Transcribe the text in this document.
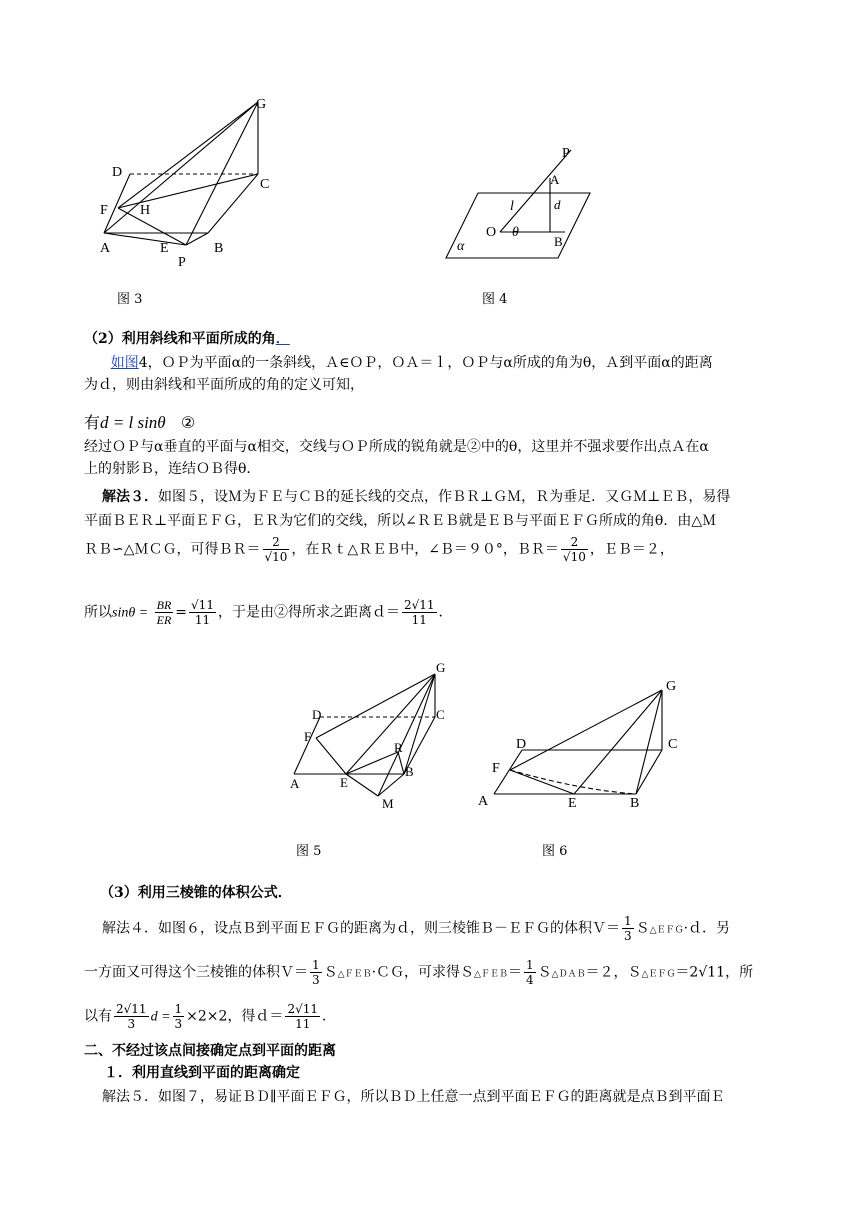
G
D
C
F H
A	E	B
P
图 3
P
A
l	d
O θ
B
α
图 4
（2）利用斜线和平面所成的角．
如图4，ＯＰ为平面α的一条斜线，Ａ∈ＯＰ，ＯＡ＝ｌ，ＯＰ与α所成的角为θ，Ａ到平面α的距离
为ｄ，则由斜线和平面所成的角的定义可知，
有d = l sinθ ②
经过ＯＰ与α垂直的平面与α相交，交线与ＯＰ所成的锐角就是②中的θ，这里并不强求要作出点Ａ在α
上的射影Ｂ，连结ＯＢ得θ．
解法３．如图５，设Ｍ为ＦＥ与ＣＢ的延长线的交点，作ＢＲ⊥ＧＭ，Ｒ为垂足．又ＧＭ⊥ＥＢ，易得
平面ＢＥＲ⊥平面ＥＦＧ，ＥＲ为它们的交线，所以∠ＲＥＢ就是ＥＢ与平面ＥＦＧ所成的角θ．由△Ｍ
ＲＢ∽△ＭＣＧ，可得ＢＲ＝ $\frac{2}{√10}$ ，在Ｒｔ△ＲＥＢ中，∠Ｂ＝９０°，ＢＲ＝ $\frac{2}{√10}$ ，ＥＢ＝２，
所以$\sin\theta = \frac{BR}{ER} = \frac{√11}{11}$ ，于是由②得所求之距离ｄ＝ $\frac{2√11}{11}$ ．
G
D	C
F
R
B
A	E
M
图 5
G
D	C
F
A	E	B
图 6
（3）利用三棱锥的体积公式．
解法４．如图６，设点Ｂ到平面ＥＦＧ的距离为ｄ，则三棱锥Ｂ－ＥＦＧ的体积Ｖ＝ $\frac{1}{3}$ Ｓ△ＥＦＧ·ｄ．另
一方面又可得这个三棱锥的体积Ｖ＝ $\frac{1}{3}$ Ｓ△ＦＥＢ·ＣＧ，可求得Ｓ△ＦＥＢ＝ $\frac{1}{4}$ Ｓ△ＤＡＢ＝２，Ｓ△ＥＦＧ＝2√11，所
以有 $\frac{2√11}{3}$ $d = \frac{1}{3} \times 2\times 2$，得ｄ＝ $\frac{2√11}{11}$ ．
二、不经过该点间接确定点到平面的距离
１．利用直线到平面的距离确定
解法５．如图７，易证ＢＤ∥平面ＥＦＧ，所以ＢＤ上任意一点到平面ＥＦＧ的距离就是点Ｂ到平面Ｅ
